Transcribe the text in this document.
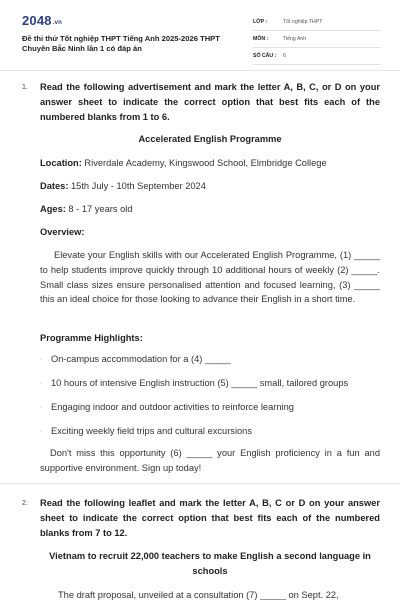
2048.vn
Đề thi thử Tốt nghiệp THPT Tiếng Anh 2025-2026 THPT Chuyên Bắc Ninh lần 1 có đáp án
LỚP :	Tốt nghiệp THPT
MÔN :	Tiếng Anh
SỐ CÂU :	6
1. Read the following advertisement and mark the letter A, B, C, or D on your answer sheet to indicate the correct option that best fits each of the numbered blanks from 1 to 6.
Accelerated English Programme
Location: Riverdale Academy, Kingswood School, Elmbridge College
Dates: 15th July - 10th September 2024
Ages: 8 - 17 years old
Overview:
Elevate your English skills with our Accelerated English Programme, (1) _____ to help students improve quickly through 10 additional hours of weekly (2) _____. Small class sizes ensure personalised attention and focused learning, (3) _____ this an ideal choice for those looking to advance their English in a short time.
Programme Highlights:
· On-campus accommodation for a (4) _____
· 10 hours of intensive English instruction (5) _____ small, tailored groups
· Engaging indoor and outdoor activities to reinforce learning
· Exciting weekly field trips and cultural excursions
Don't miss this opportunity (6) _____ your English proficiency in a fun and supportive environment. Sign up today!
2. Read the following leaflet and mark the letter A, B, C or D on your answer sheet to indicate the correct option that best fits each of the numbered blanks from 7 to 12.
Vietnam to recruit 22,000 teachers to make English a second language in schools
The draft proposal, unveiled at a consultation (7) _____ on Sept. 22,
